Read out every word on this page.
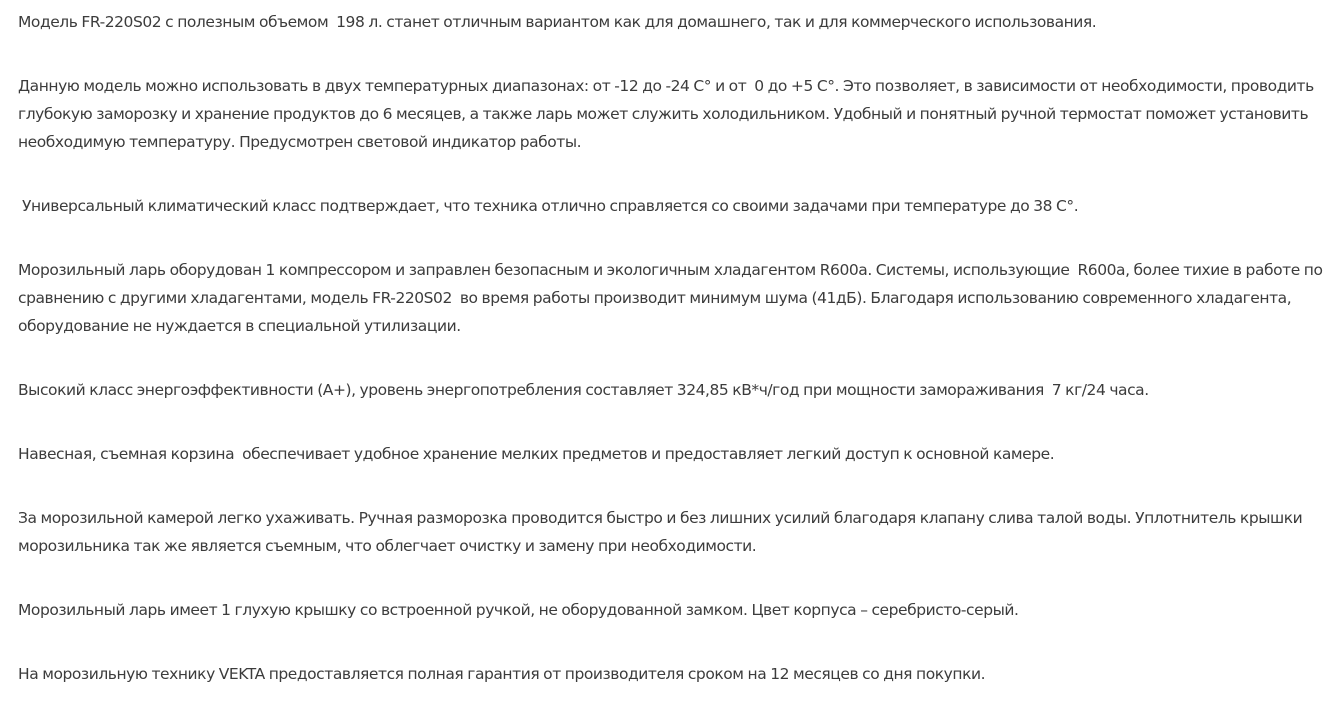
Модель FR-220S02 с полезным объемом  198 л. станет отличным вариантом как для домашнего, так и для коммерческого использования.

Данную модель можно использовать в двух температурных диапазонах: от -12 до -24 С° и от  0 до +5 С°. Это позволяет, в зависимости от необходимости, проводить глубокую заморозку и хранение продуктов до 6 месяцев, а также ларь может служить холодильником. Удобный и понятный ручной термостат поможет установить необходимую температуру. Предусмотрен световой индикатор работы.

Универсальный климатический класс подтверждает, что техника отлично справляется со своими задачами при температуре до 38 С°.

Морозильный ларь оборудован 1 компрессором и заправлен безопасным и экологичным хладагентом R600a. Системы, использующие  R600a, более тихие в работе по сравнению с другими хладагентами, модель FR-220S02  во время работы производит минимум шума (41дБ). Благодаря использованию современного хладагента, оборудование не нуждается в специальной утилизации.

Высокий класс энергоэффективности (А+), уровень энергопотребления составляет 324,85 кВ*ч/год при мощности замораживания  7 кг/24 часа.

Навесная, съемная корзина  обеспечивает удобное хранение мелких предметов и предоставляет легкий доступ к основной камере.

За морозильной камерой легко ухаживать. Ручная разморозка проводится быстро и без лишних усилий благодаря клапану слива талой воды. Уплотнитель крышки морозильника так же является съемным, что облегчает очистку и замену при необходимости.

Морозильный ларь имеет 1 глухую крышку со встроенной ручкой, не оборудованной замком. Цвет корпуса – серебристо-серый.

На морозильную технику VEKTA предоставляется полная гарантия от производителя сроком на 12 месяцев со дня покупки.
